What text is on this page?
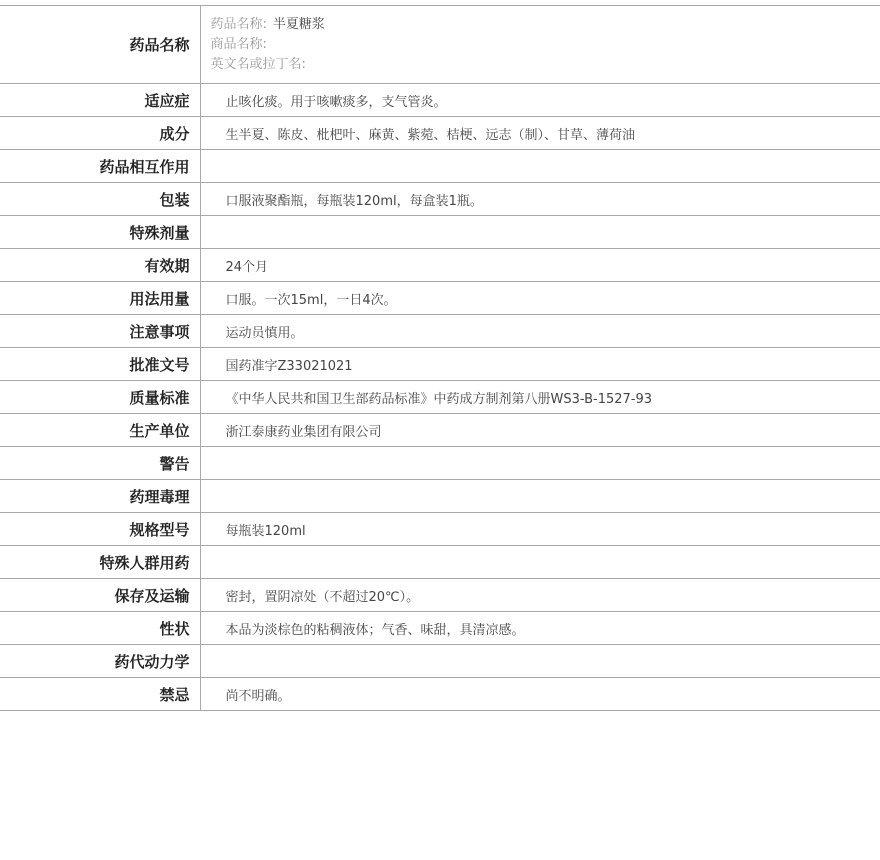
药品名称	药品名称: 半夏糖浆
商品名称:
英文名或拉丁名:

适应症	止咳化痰。用于咳嗽痰多，支气管炎。
成分	生半夏、陈皮、枇杷叶、麻黄、紫菀、桔梗、远志（制）、甘草、薄荷油
药品相互作用	
包装	口服液聚酯瓶，每瓶装120ml，每盒装1瓶。
特殊剂量	
有效期	24个月
用法用量	口服。一次15ml，一日4次。
注意事项	运动员慎用。
批准文号	国药准字Z33021021
质量标准	《中华人民共和国卫生部药品标准》中药成方制剂第八册WS3-B-1527-93
生产单位	浙江泰康药业集团有限公司
警告	
药理毒理	
规格型号	每瓶装120ml
特殊人群用药	
保存及运输	密封，置阴凉处（不超过20℃）。
性状	本品为淡棕色的粘稠液体；气香、味甜，具清凉感。
药代动力学	
禁忌	尚不明确。
